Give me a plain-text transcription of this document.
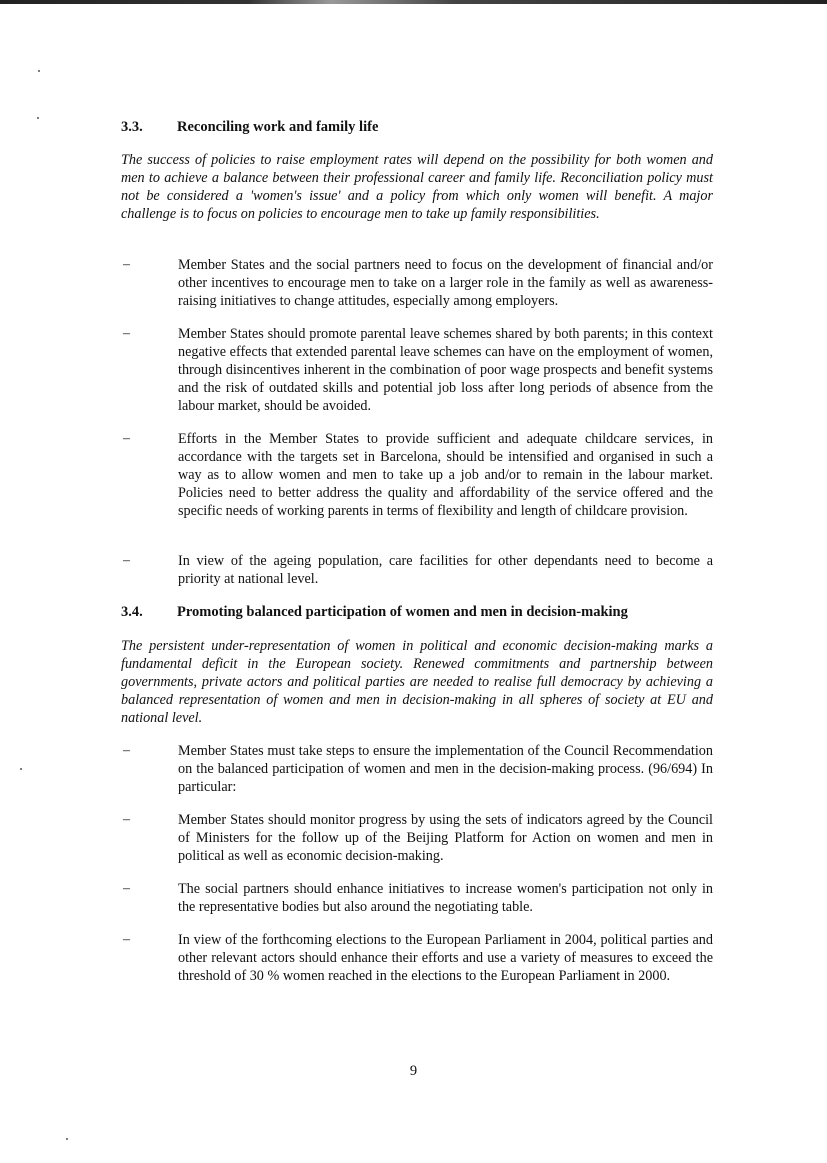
3.3. Reconciling work and family life
The success of policies to raise employment rates will depend on the possibility for both women and men to achieve a balance between their professional career and family life. Reconciliation policy must not be considered a 'women's issue' and a policy from which only women will benefit. A major challenge is to focus on policies to encourage men to take up family responsibilities.
–	Member States and the social partners need to focus on the development of financial and/or other incentives to encourage men to take on a larger role in the family as well as awareness-raising initiatives to change attitudes, especially among employers.
–	Member States should promote parental leave schemes shared by both parents; in this context negative effects that extended parental leave schemes can have on the employment of women, through disincentives inherent in the combination of poor wage prospects and benefit systems and the risk of outdated skills and potential job loss after long periods of absence from the labour market, should be avoided.
–	Efforts in the Member States to provide sufficient and adequate childcare services, in accordance with the targets set in Barcelona, should be intensified and organised in such a way as to allow women and men to take up a job and/or to remain in the labour market. Policies need to better address the quality and affordability of the service offered and the specific needs of working parents in terms of flexibility and length of childcare provision.
–	In view of the ageing population, care facilities for other dependants need to become a priority at national level.
3.4. Promoting balanced participation of women and men in decision-making
The persistent under-representation of women in political and economic decision-making marks a fundamental deficit in the European society. Renewed commitments and partnership between governments, private actors and political parties are needed to realise full democracy by achieving a balanced representation of women and men in decision-making in all spheres of society at EU and national level.
–	Member States must take steps to ensure the implementation of the Council Recommendation on the balanced participation of women and men in the decision-making process. (96/694) In particular:
–	Member States should monitor progress by using the sets of indicators agreed by the Council of Ministers for the follow up of the Beijing Platform for Action on women and men in political as well as economic decision-making.
–	The social partners should enhance initiatives to increase women's participation not only in the representative bodies but also around the negotiating table.
–	In view of the forthcoming elections to the European Parliament in 2004, political parties and other relevant actors should enhance their efforts and use a variety of measures to exceed the threshold of 30 % women reached in the elections to the European Parliament in 2000.
9
